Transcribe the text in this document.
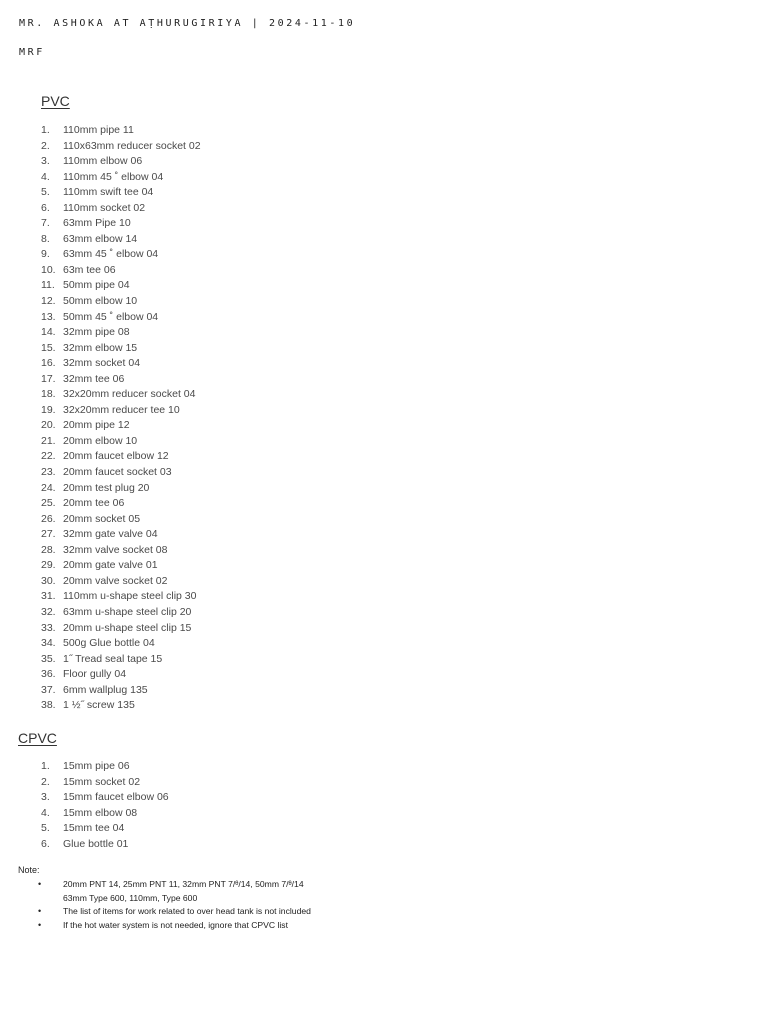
MR. ASHOKA AT AṬHURUGIRIYA | 2024-11-10
MRF
PVC
1. 110mm pipe 11
2. 110x63mm reducer socket 02
3. 110mm elbow 06
4. 110mm 45 ˚ elbow 04
5. 110mm swift tee 04
6. 110mm socket 02
7. 63mm Pipe 10
8. 63mm elbow 14
9. 63mm 45 ˚ elbow 04
10. 63m tee 06
11. 50mm pipe 04
12. 50mm elbow 10
13. 50mm 45 ˚ elbow 04
14. 32mm pipe 08
15. 32mm elbow 15
16. 32mm socket 04
17. 32mm tee 06
18. 32x20mm reducer socket 04
19. 32x20mm reducer tee 10
20. 20mm pipe 12
21. 20mm elbow 10
22. 20mm faucet elbow 12
23. 20mm faucet socket 03
24. 20mm test plug 20
25. 20mm tee 06
26. 20mm socket 05
27. 32mm gate valve 04
28. 32mm valve socket 08
29. 20mm gate valve 01
30. 20mm valve socket 02
31. 110mm u-shape steel clip 30
32. 63mm u-shape steel clip 20
33. 20mm u-shape steel clip 15
34. 500g Glue bottle 04
35. 1˝ Tread seal tape 15
36. Floor gully 04
37. 6mm wallplug 135
38. 1 ½˝ screw 135
CPVC
1. 15mm pipe 06
2. 15mm socket 02
3. 15mm faucet elbow 06
4. 15mm elbow 08
5. 15mm tee 04
6. Glue bottle 01
Note:
•	20mm PNT 14, 25mm PNT 11, 32mm PNT 7/ᶿ/14, 50mm 7/ᶿ/14
63mm Type 600, 110mm, Type 600
•	The list of items for work related to over head tank is not included
•	If the hot water system is not needed, ignore that CPVC list
